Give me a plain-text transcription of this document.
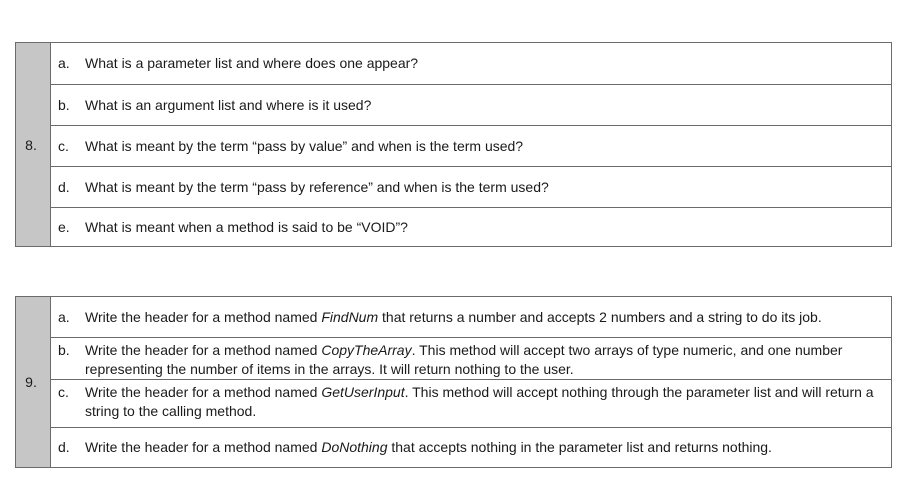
8.
a.	What is a parameter list and where does one appear?
b.	What is an argument list and where is it used?
c.	What is meant by the term “pass by value” and when is the term used?
d.	What is meant by the term “pass by reference” and when is the term used?
e.	What is meant when a method is said to be “VOID”?
9.
a.	Write the header for a method named FindNum that returns a number and accepts 2 numbers and a string to do its job.
b.	Write the header for a method named CopyTheArray. This method will accept two arrays of type numeric, and one number representing the number of items in the arrays. It will return nothing to the user.
c.	Write the header for a method named GetUserInput. This method will accept nothing through the parameter list and will return a string to the calling method.
d.	Write the header for a method named DoNothing that accepts nothing in the parameter list and returns nothing.
